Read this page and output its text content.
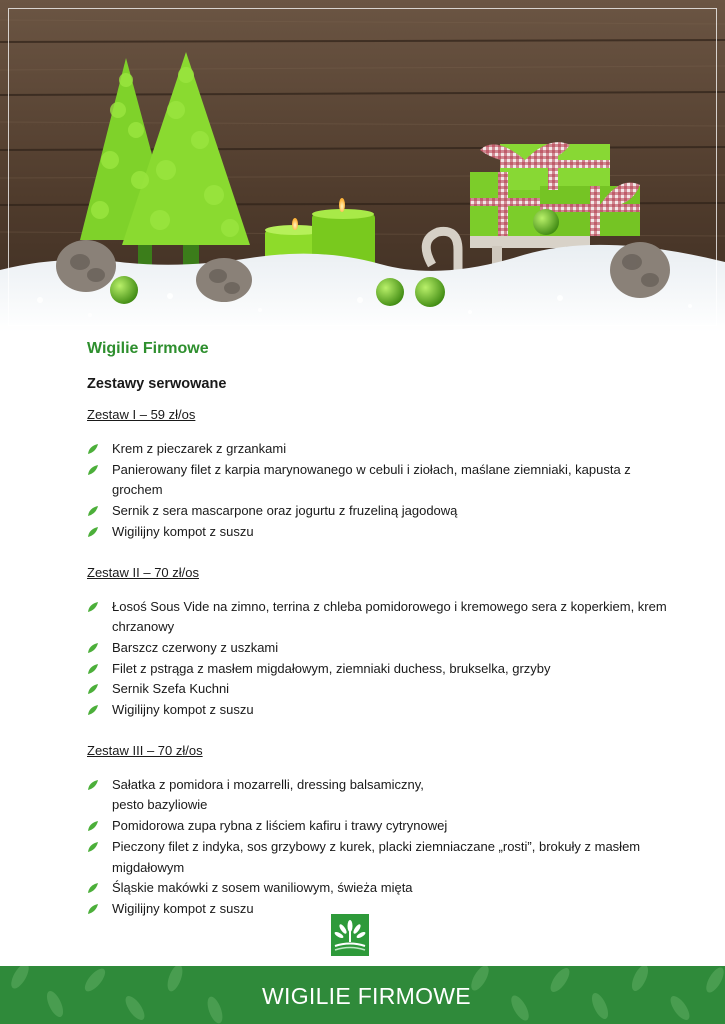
Wigilie Firmowe
Zestawy serwowane
Zestaw I – 59 zł/os
Krem z pieczarek z grzankami
Panierowany filet z karpia marynowanego w cebuli i ziołach, maślane ziemniaki, kapusta z
grochem
Sernik z sera mascarpone oraz jogurtu z fruzeliną jagodową
Wigilijny kompot z suszu
Zestaw II – 70 zł/os
Łosoś Sous Vide na zimno, terrina z chleba pomidorowego i kremowego sera z koperkiem, krem
chrzanowy
Barszcz czerwony z uszkami
Filet z pstrąga z masłem migdałowym, ziemniaki duchess, brukselka, grzyby
Sernik Szefa Kuchni
Wigilijny kompot z suszu
Zestaw III – 70 zł/os
Sałatka z pomidora i mozarrelli, dressing balsamiczny,
pesto bazyliowie
Pomidorowa zupa rybna z liściem kafiru i trawy cytrynowej
Pieczony filet z indyka, sos grzybowy z kurek, placki ziemniaczane „rosti”, brokuły z masłem
migdałowym
Śląskie makówki z sosem waniliowym, świeża mięta
Wigilijny kompot z suszu
WIGILIE FIRMOWE
